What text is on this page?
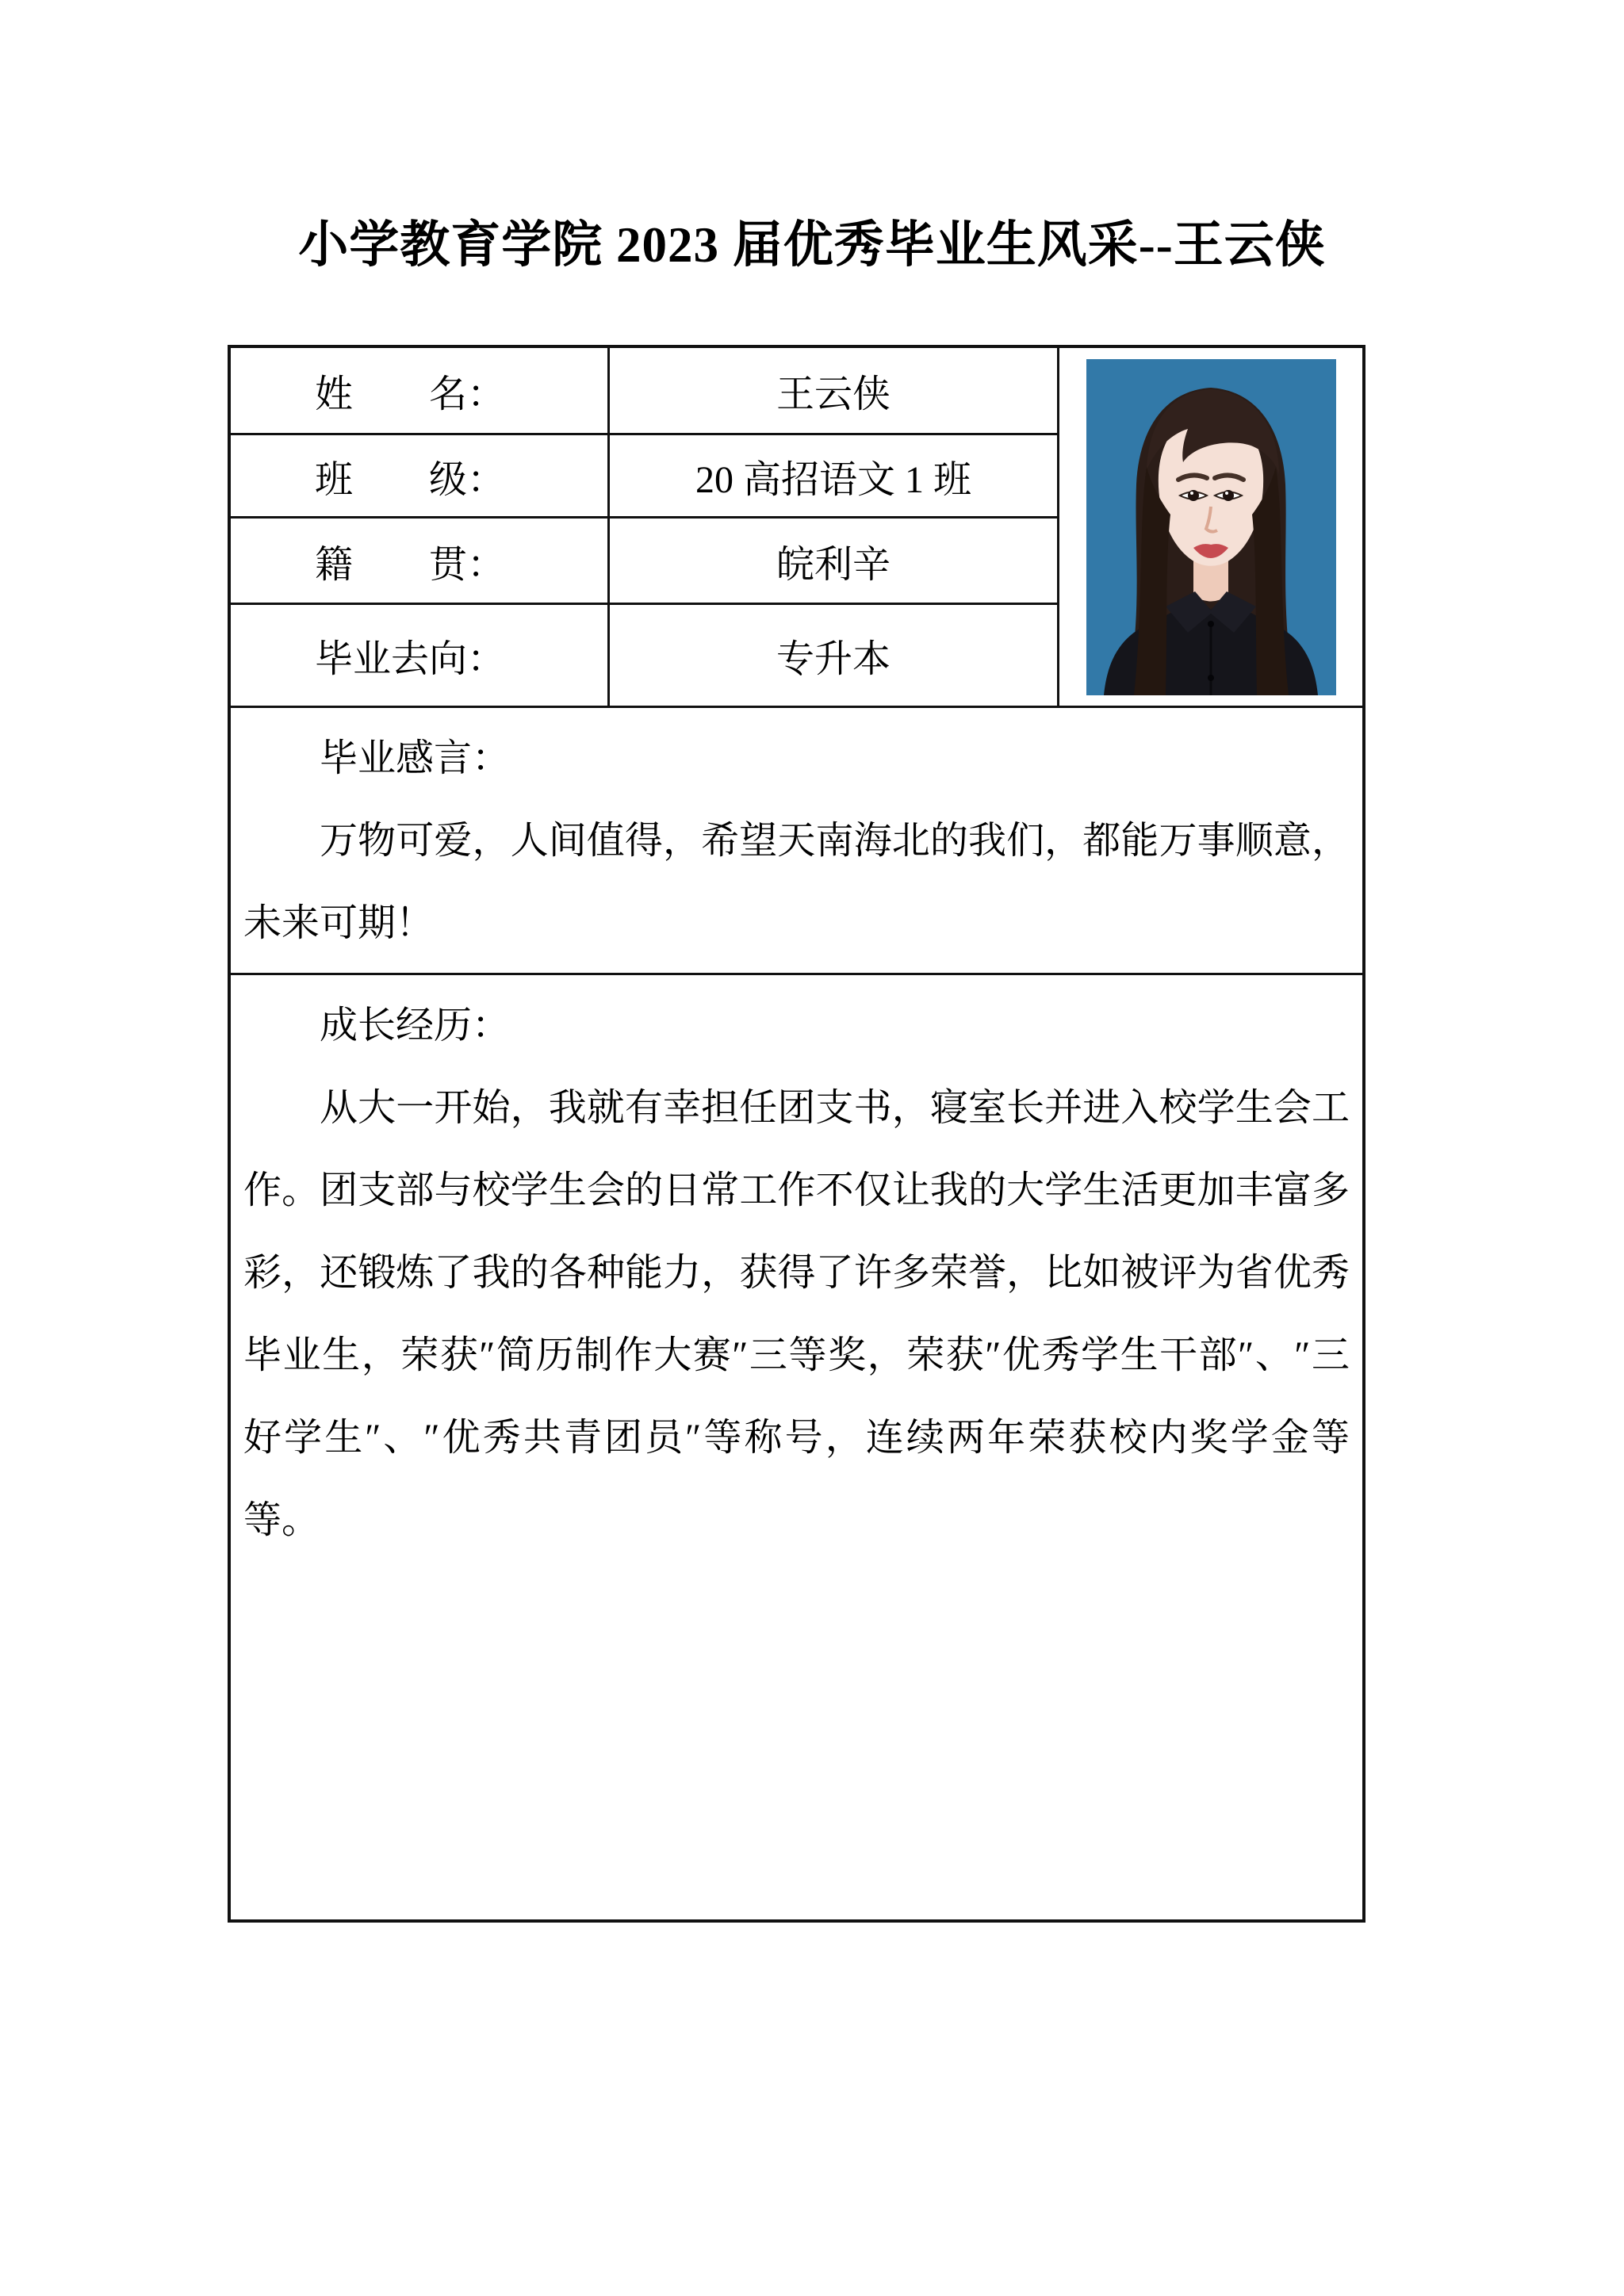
小学教育学院 2023 届优秀毕业生风采--王云侠
姓　　名：	王云侠
班　　级：	20 高招语文 1 班
籍　　贯：	皖利辛
毕业去向：	专升本
毕业感言：

万物可爱，人间值得，希望天南海北的我们，都能万事顺意，未来可期！

成长经历：

从大一开始，我就有幸担任团支书，寝室长并进入校学生会工作。团支部与校学生会的日常工作不仅让我的大学生活更加丰富多彩，还锻炼了我的各种能力，获得了许多荣誉，比如被评为省优秀毕业生，荣获″简历制作大赛″三等奖，荣获″优秀学生干部″、″三好学生″、″优秀共青团员″等称号，连续两年荣获校内奖学金等等。
